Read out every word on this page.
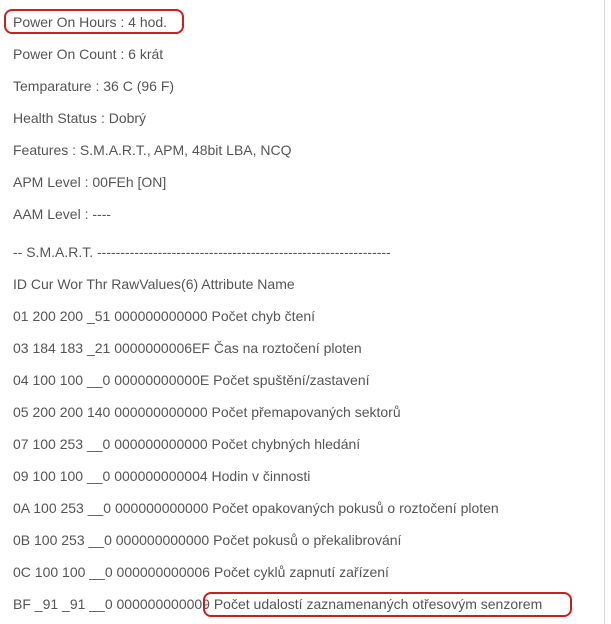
Power On Hours : 4 hod.
Power On Count : 6 krát
Temparature : 36 C (96 F)
Health Status : Dobrý
Features : S.M.A.R.T., APM, 48bit LBA, NCQ
APM Level : 00FEh [ON]
AAM Level : ----
-- S.M.A.R.T. ---------------------------------------------------------------
ID Cur Wor Thr RawValues(6) Attribute Name
01 200 200 _51 000000000000 Počet chyb čtení
03 184 183 _21 0000000006EF Čas na roztočení ploten
04 100 100 __0 00000000000E Počet spuštění/zastavení
05 200 200 140 000000000000 Počet přemapovaných sektorů
07 100 253 __0 000000000000 Počet chybných hledání
09 100 100 __0 000000000004 Hodin v činnosti
0A 100 253 __0 000000000000 Počet opakovaných pokusů o roztočení ploten
0B 100 253 __0 000000000000 Počet pokusů o překalibrování
0C 100 100 __0 000000000006 Počet cyklů zapnutí zařízení
BF _91 _91 __0 000000000009 Počet udalostí zaznamenaných otřesovým senzorem
